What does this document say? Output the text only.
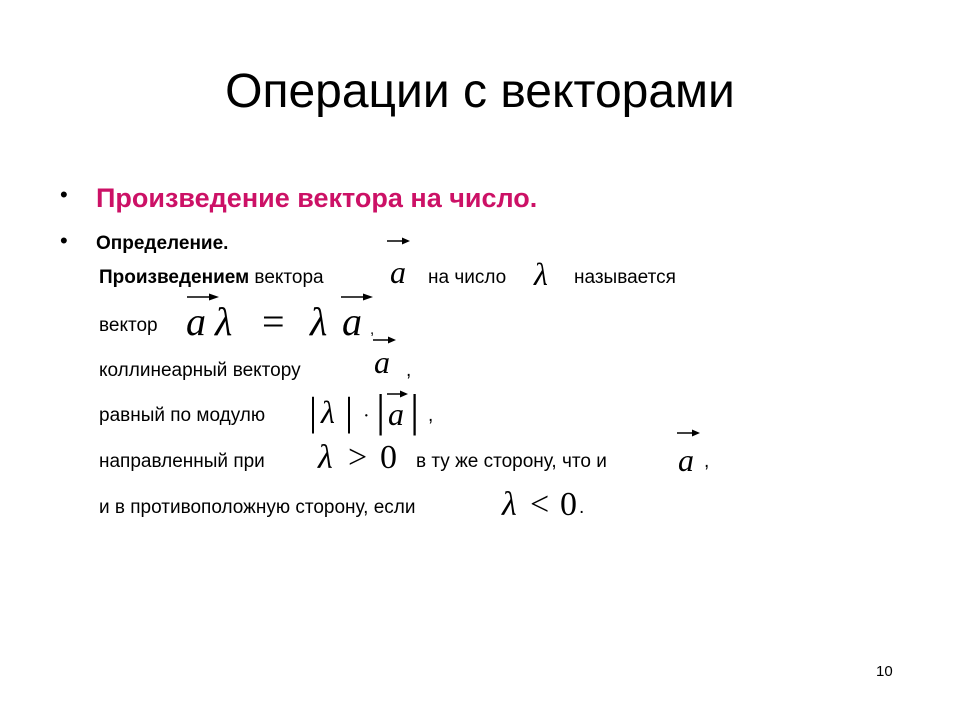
Операции с векторами
• Произведение вектора на число.
• Определение.
Произведением вектора a на число λ называется
вектор a λ = λ a ,
коллинеарный вектору a ,
равный по модулю | λ | · | a | ,
направленный при λ > 0 в ту же сторону, что и a ,
и в противоположную сторону, если	λ < 0 .
10
